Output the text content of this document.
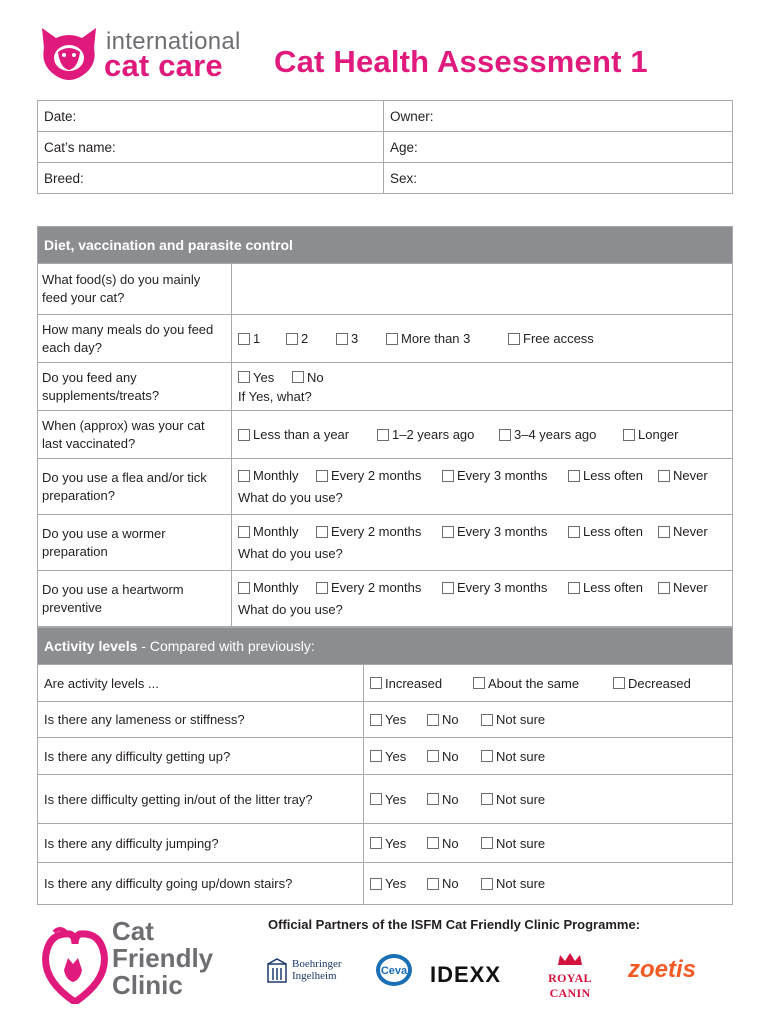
international
cat care Cat Health Assessment 1
Date:	Owner:
Cat’s name:	Age:
Breed:	Sex:
Diet, vaccination and parasite control
What food(s) do you mainly feed your cat?
How many meals do you feed each day?
1	2	3	More than 3	Free access
Do you feed any supplements/treats?
Yes	No
If Yes, what?
When (approx) was your cat last vaccinated?
Less than a year	1–2 years ago	3–4 years ago	Longer
Do you use a flea and/or tick preparation?
Monthly Every 2 months	Every 3 months	Less often Never
What do you use?
Do you use a wormer preparation
Monthly Every 2 months	Every 3 months	Less often Never
What do you use?
Do you use a heartworm preventive
Monthly Every 2 months	Every 3 months	Less often Never
What do you use?
Activity levels - Compared with previously:
Are activity levels ...	Increased	About the same	Decreased
Is there any lameness or stiffness?	Yes	No	Not sure
Is there any difficulty getting up?	Yes	No	Not sure
Is there difficulty getting in/out of the litter tray?	Yes	No	Not sure
Is there any difficulty jumping?	Yes	No	Not sure
Is there any difficulty going up/down stairs?	Yes	No	Not sure
Cat
Friendly
Clinic
Official Partners of the ISFM Cat Friendly Clinic Programme:
Boehringer Ingelheim	Ceva IDEXX	ROYAL CANIN
zoetis
